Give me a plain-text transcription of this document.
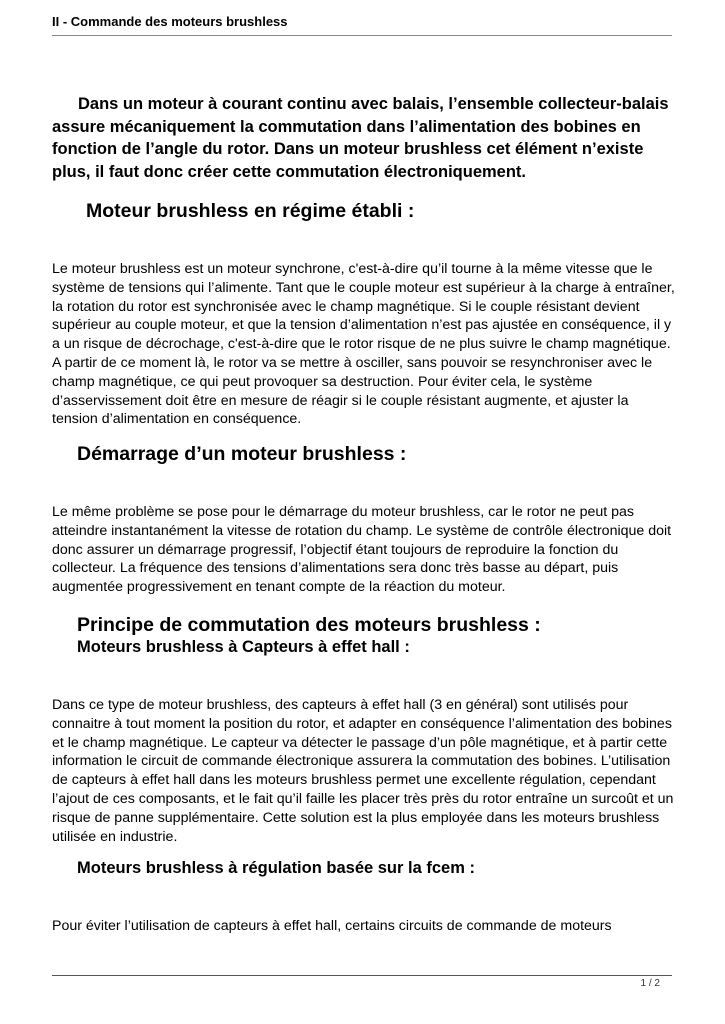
II - Commande des moteurs brushless

Dans un moteur à courant continu avec balais, l’ensemble collecteur-balais assure mécaniquement la commutation dans l’alimentation des bobines en fonction de l’angle du rotor. Dans un moteur brushless cet élément n’existe plus, il faut donc créer cette commutation électroniquement.

Moteur brushless en régime établi :

Le moteur brushless est un moteur synchrone, c'est-à-dire qu’il tourne à la même vitesse que le système de tensions qui l’alimente. Tant que le couple moteur est supérieur à la charge à entraîner, la rotation du rotor est synchronisée avec le champ magnétique. Si le couple résistant devient supérieur au couple moteur, et que la tension d’alimentation n’est pas ajustée en conséquence, il y a un risque de décrochage, c'est-à-dire que le rotor risque de ne plus suivre le champ magnétique. A partir de ce moment là, le rotor va se mettre à osciller, sans pouvoir se resynchroniser avec le champ magnétique, ce qui peut provoquer sa destruction. Pour éviter cela, le système d’asservissement doit être en mesure de réagir si le couple résistant augmente, et ajuster la tension d’alimentation en conséquence.

Démarrage d’un moteur brushless :

Le même problème se pose pour le démarrage du moteur brushless, car le rotor ne peut pas atteindre instantanément la vitesse de rotation du champ. Le système de contrôle électronique doit donc assurer un démarrage progressif, l’objectif étant toujours de reproduire la fonction du collecteur. La fréquence des tensions d’alimentations sera donc très basse au départ, puis augmentée progressivement en tenant compte de la réaction du moteur.

Principe de commutation des moteurs brushless :
Moteurs brushless à Capteurs à effet hall :

Dans ce type de moteur brushless, des capteurs à effet hall (3 en général) sont utilisés pour connaitre à tout moment la position du rotor, et adapter en conséquence l’alimentation des bobines et le champ magnétique. Le capteur va détecter le passage d’un pôle magnétique, et à partir cette information le circuit de commande électronique assurera la commutation des bobines. L’utilisation de capteurs à effet hall dans les moteurs brushless permet une excellente régulation, cependant l’ajout de ces composants, et le fait qu’il faille les placer très près du rotor entraîne un surcoût et un risque de panne supplémentaire. Cette solution est la plus employée dans les moteurs brushless utilisée en industrie.

Moteurs brushless à régulation basée sur la fcem :

Pour éviter l’utilisation de capteurs à effet hall, certains circuits de commande de moteurs

1 / 2
